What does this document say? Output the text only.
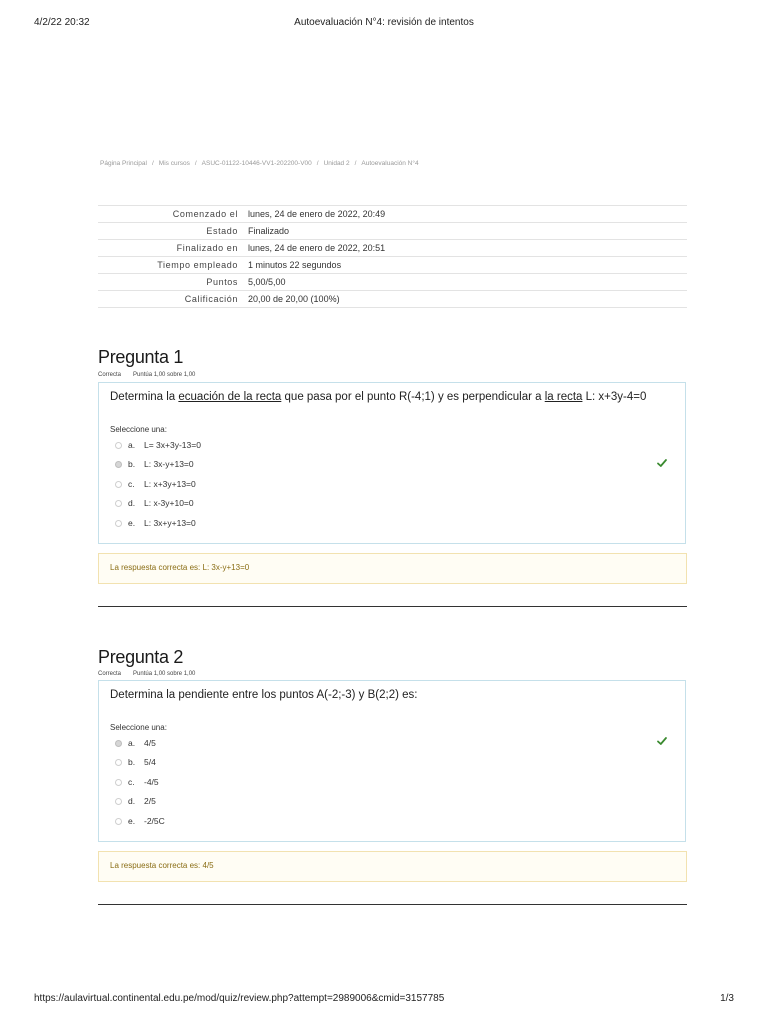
4/2/22 20:32	Autoevaluación N°4: revisión de intentos
Página Principal / Mis cursos / ASUC-01122-10446-VV1-202200-V00 / Unidad 2 / Autoevaluación N°4
Comenzado el	lunes, 24 de enero de 2022, 20:49
Estado	Finalizado
Finalizado en	lunes, 24 de enero de 2022, 20:51
Tiempo empleado	1 minutos 22 segundos
Puntos	5,00/5,00
Calificación	20,00 de 20,00 (100%)
Pregunta 1
Correcta Puntúa 1,00 sobre 1,00
Determina la ecuación de la recta que pasa por el punto R(-4;1) y es perpendicular a la recta L: x+3y-4=0
Seleccione una:
a. L= 3x+3y-13=0
b. L: 3x-y+13=0
c. L: x+3y+13=0
d. L: x-3y+10=0
e. L: 3x+y+13=0
La respuesta correcta es: L: 3x-y+13=0
Pregunta 2
Correcta Puntúa 1,00 sobre 1,00
Determina la pendiente entre los puntos A(-2;-3) y B(2;2) es:
Seleccione una:
a. 4/5
b. 5/4
c. -4/5
d. 2/5
e. -2/5C
La respuesta correcta es: 4/5
https://aulavirtual.continental.edu.pe/mod/quiz/review.php?attempt=2989006&cmid=3157785	1/3
